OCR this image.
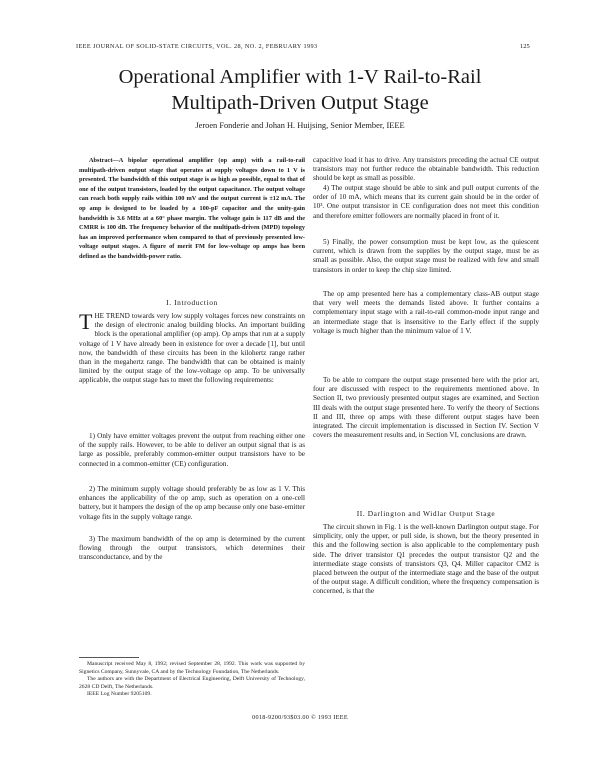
IEEE JOURNAL OF SOLID-STATE CIRCUITS, VOL. 28, NO. 2, FEBRUARY 1993	125
Operational Amplifier with 1-V Rail-to-Rail
Multipath-Driven Output Stage
Jeroen Fonderie and Johan H. Huijsing, Senior Member, IEEE
Abstract—A bipolar operational amplifier (op amp) with a rail-to-rail multipath-driven output stage that operates at supply voltages down to 1 V is presented. The bandwidth of this output stage is as high as possible, equal to that of one of the output transistors, loaded by the output capacitance. The output voltage can reach both supply rails within 100 mV and the output current is ±12 mA. The op amp is designed to be loaded by a 100-pF capacitor and the unity-gain bandwidth is 3.6 MHz at a 60° phase margin. The voltage gain is 117 dB and the CMRR is 100 dB. The frequency behavior of the multipath-driven (MPD) topology has an improved performance when compared to that of previously presented low-voltage output stages. A figure of merit FM for low-voltage op amps has been defined as the bandwidth-power ratio.
I. Introduction
THE TREND towards very low supply voltages forces new constraints on the design of electronic analog building blocks. An important building block is the operational amplifier (op amp). Op amps that run at a supply voltage of 1 V have already been in existence for over a decade [1], but until now, the bandwidth of these circuits has been in the kilohertz range rather than in the megahertz range. The bandwidth that can be obtained is mainly limited by the output stage of the low-voltage op amp. To be universally applicable, the output stage has to meet the following requirements:
1) Only have emitter voltages prevent the output from reaching either one of the supply rails. However, to be able to deliver an output signal that is as large as possible, preferably common-emitter output transistors have to be connected in a common-emitter (CE) configuration.
2) The minimum supply voltage should preferably be as low as 1 V. This enhances the applicability of the op amp, such as operation on a one-cell battery, but it hampers the design of the op amp because only one base-emitter voltage fits in the supply voltage range.
3) The maximum bandwidth of the op amp is determined by the current flowing through the output transistors, which determines their transconductance, and by the
Manuscript received May 8, 1992; revised September 28, 1992. This work was supported by Signetics Company, Sunnyvale, CA and by the Technology Foundation, The Netherlands.
The authors are with the Department of Electrical Engineering, Delft University of Technology, 2628 CD Delft, The Netherlands.
IEEE Log Number 9205109.
capacitive load it has to drive. Any transistors preceding the actual CE output transistors may not further reduce the obtainable bandwidth. This reduction should be kept as small as possible.
4) The output stage should be able to sink and pull output currents of the order of 10 mA, which means that its current gain should be in the order of 10³. One output transistor in CE configuration does not meet this condition and therefore emitter followers are normally placed in front of it.
5) Finally, the power consumption must be kept low, as the quiescent current, which is drawn from the supplies by the output stage, must be as small as possible. Also, the output stage must be realized with few and small transistors in order to keep the chip size limited.
The op amp presented here has a complementary class-AB output stage that very well meets the demands listed above. It further contains a complementary input stage with a rail-to-rail common-mode input range and an intermediate stage that is insensitive to the Early effect if the supply voltage is much higher than the minimum value of 1 V.
To be able to compare the output stage presented here with the prior art, four are discussed with respect to the requirements mentioned above. In Section II, two previously presented output stages are examined, and Section III deals with the output stage presented here. To verify the theory of Sections II and III, three op amps with these different output stages have been integrated. The circuit implementation is discussed in Section IV. Section V covers the measurement results and, in Section VI, conclusions are drawn.
II. Darlington and Widlar Output Stage
The circuit shown in Fig. 1 is the well-known Darlington output stage. For simplicity, only the upper, or pull side, is shown, but the theory presented in this and the following section is also applicable to the complementary push side. The driver transistor Q1 precedes the output transistor Q2 and the intermediate stage consists of transistors Q3, Q4. Miller capacitor CM2 is placed between the output of the intermediate stage and the base of the output of the output stage. A difficult condition, where the frequency compensation is concerned, is that the
0018-9200/93$03.00 © 1993 IEEE
